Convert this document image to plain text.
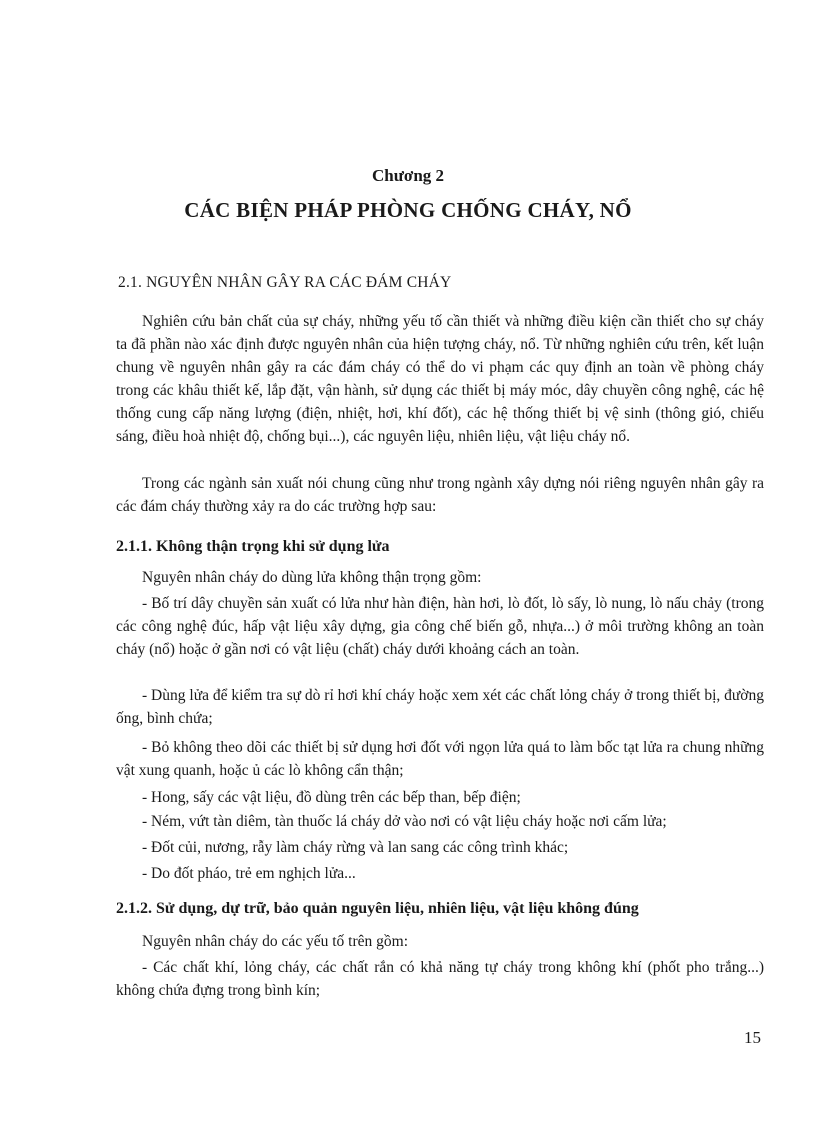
Chương 2
CÁC BIỆN PHÁP PHÒNG CHỐNG CHÁY, NỔ
2.1. NGUYÊN NHÂN GÂY RA CÁC ĐÁM CHÁY
Nghiên cứu bản chất của sự cháy, những yếu tố cần thiết và những điều kiện cần thiết cho sự cháy ta đã phần nào xác định được nguyên nhân của hiện tượng cháy, nổ. Từ những nghiên cứu trên, kết luận chung về nguyên nhân gây ra các đám cháy có thể do vi phạm các quy định an toàn về phòng cháy trong các khâu thiết kế, lắp đặt, vận hành, sử dụng các thiết bị máy móc, dây chuyền công nghệ, các hệ thống cung cấp năng lượng (điện, nhiệt, hơi, khí đốt), các hệ thống thiết bị vệ sinh (thông gió, chiếu sáng, điều hoà nhiệt độ, chống bụi...), các nguyên liệu, nhiên liệu, vật liệu cháy nổ.
Trong các ngành sản xuất nói chung cũng như trong ngành xây dựng nói riêng nguyên nhân gây ra các đám cháy thường xảy ra do các trường hợp sau:
2.1.1. Không thận trọng khi sử dụng lửa
Nguyên nhân cháy do dùng lửa không thận trọng gồm:
- Bố trí dây chuyền sản xuất có lửa như hàn điện, hàn hơi, lò đốt, lò sấy, lò nung, lò nấu chảy (trong các công nghệ đúc, hấp vật liệu xây dựng, gia công chế biến gỗ, nhựa...) ở môi trường không an toàn cháy (nổ) hoặc ở gần nơi có vật liệu (chất) cháy dưới khoảng cách an toàn.
- Dùng lửa để kiểm tra sự dò rỉ hơi khí cháy hoặc xem xét các chất lỏng cháy ở trong thiết bị, đường ống, bình chứa;
- Bỏ không theo dõi các thiết bị sử dụng hơi đốt với ngọn lửa quá to làm bốc tạt lửa ra chung những vật xung quanh, hoặc ủ các lò không cẩn thận;
- Hong, sấy các vật liệu, đồ dùng trên các bếp than, bếp điện;
- Ném, vứt tàn diêm, tàn thuốc lá cháy dở vào nơi có vật liệu cháy hoặc nơi cấm lửa;
- Đốt củi, nương, rẫy làm cháy rừng và lan sang các công trình khác;
- Do đốt pháo, trẻ em nghịch lửa...
2.1.2. Sử dụng, dự trữ, bảo quản nguyên liệu, nhiên liệu, vật liệu không đúng
Nguyên nhân cháy do các yếu tố trên gồm:
- Các chất khí, lỏng cháy, các chất rắn có khả năng tự cháy trong không khí (phốt pho trắng...) không chứa đựng trong bình kín;
15
